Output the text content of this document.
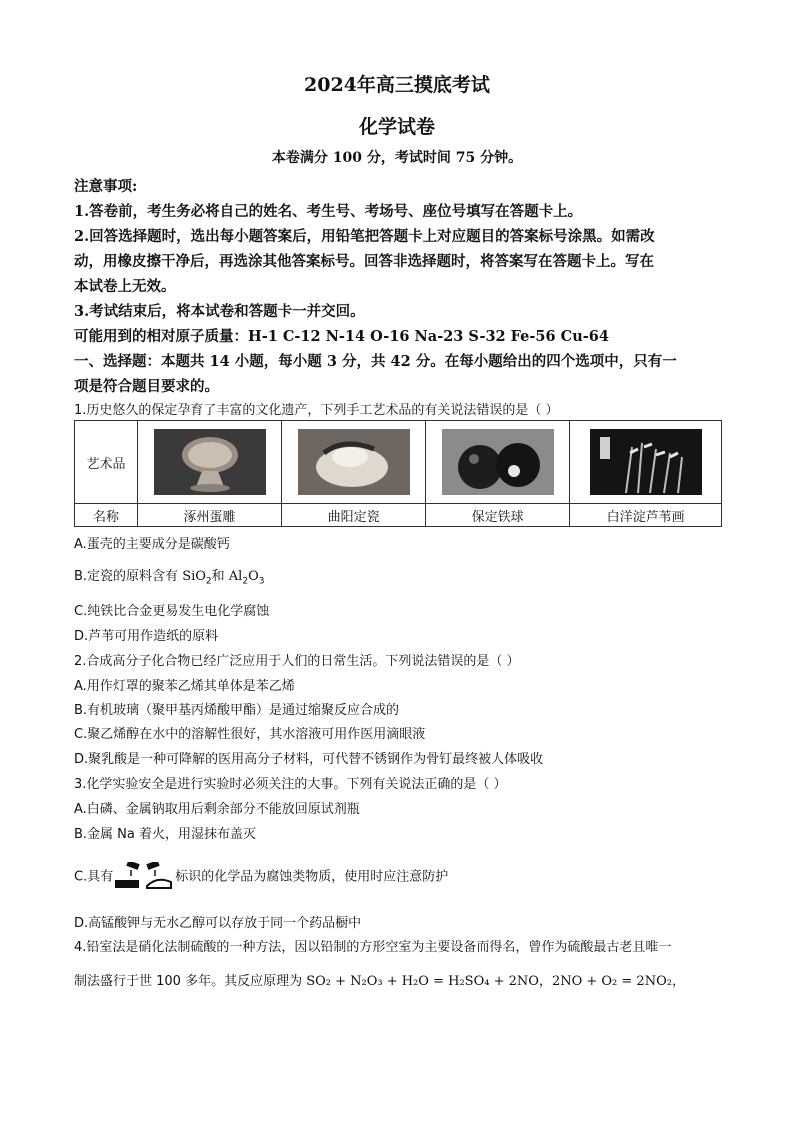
2024年高三摸底考试
化学试卷
本卷满分 100 分，考试时间 75 分钟。
注意事项:
1.答卷前，考生务必将自己的姓名、考生号、考场号、座位号填写在答题卡上。
2.回答选择题时，选出每小题答案后，用铅笔把答题卡上对应题目的答案标号涂黑。如需改
动，用橡皮擦干净后，再选涂其他答案标号。回答非选择题时，将答案写在答题卡上。写在
本试卷上无效。
3.考试结束后，将本试卷和答题卡一并交回。
可能用到的相对原子质量：H-1 C-12 N-14 O-16 Na-23 S-32 Fe-56 Cu-64
一、选择题：本题共 14 小题，每小题 3 分，共 42 分。在每小题给出的四个选项中，只有一
项是符合题目要求的。
1.历史悠久的保定孕育了丰富的文化遗产，下列手工艺术品的有关说法错误的是（ ）
艺术品	

名称	涿州蛋雕	曲阳定瓷	保定铁球	白洋淀芦苇画
A.蛋壳的主要成分是碳酸钙
B.定瓷的原料含有 SiO$_2$和 $Al_2O_3$
C.纯铁比合金更易发生电化学腐蚀
D.芦苇可用作造纸的原料
2.合成高分子化合物已经广泛应用于人们的日常生活。下列说法错误的是（ ）
A.用作灯罩的聚苯乙烯其单体是苯乙烯
B.有机玻璃（聚甲基丙烯酸甲酯）是通过缩聚反应合成的
C.聚乙烯醇在水中的溶解性很好，其水溶液可用作医用滴眼液
D.聚乳酸是一种可降解的医用高分子材料，可代替不锈钢作为骨钉最终被人体吸收
3.化学实验安全是进行实验时必须关注的大事。下列有关说法正确的是（ ）
A.白磷、金属钠取用后剩余部分不能放回原试剂瓶
B.金属 Na 着火，用湿抹布盖灭
C.具有	标识的化学品为腐蚀类物质，使用时应注意防护
D.高锰酸钾与无水乙醇可以存放于同一个药品橱中
4.铅室法是硝化法制硫酸的一种方法，因以铅制的方形空室为主要设备而得名，曾作为硫酸最古老且唯一
制法盛行于世 100 多年。其反应原理为 SO₂ + N₂O₃ + H₂O = H₂SO₄ + 2NO，2NO + O₂ = 2NO₂，
